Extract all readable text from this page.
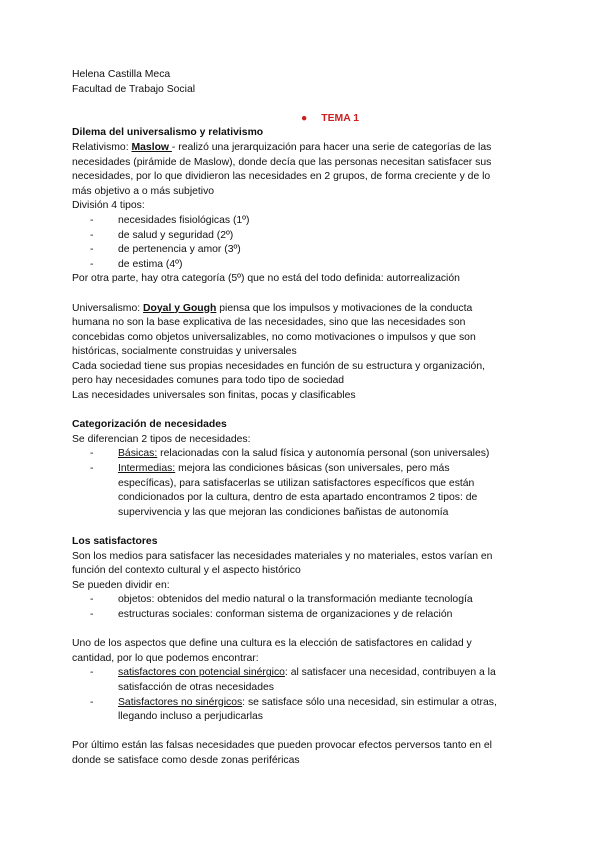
Helena Castilla Meca
Facultad de Trabajo Social
● TEMA 1
Dilema del universalismo y relativismo
Relativismo: Maslow - realizó una jerarquización para hacer una serie de categorías de las
necesidades (pirámide de Maslow), donde decía que las personas necesitan satisfacer sus
necesidades, por lo que dividieron las necesidades en 2 grupos, de forma creciente y de lo
más objetivo a o más subjetivo
División 4 tipos:
- necesidades fisiológicas (1º)
- de salud y seguridad (2º)
- de pertenencia y amor (3º)
- de estima (4º)
Por otra parte, hay otra categoría (5º) que no está del todo definida: autorrealización
Universalismo: Doyal y Gough piensa que los impulsos y motivaciones de la conducta
humana no son la base explicativa de las necesidades, sino que las necesidades son
concebidas como objetos universalizables, no como motivaciones o impulsos y que son
históricas, socialmente construidas y universales
Cada sociedad tiene sus propias necesidades en función de su estructura y organización,
pero hay necesidades comunes para todo tipo de sociedad
Las necesidades universales son finitas, pocas y clasificables
Categorización de necesidades
Se diferencian 2 tipos de necesidades:
- Básicas: relacionadas con la salud física y autonomía personal (son universales)
- Intermedias: mejora las condiciones básicas (son universales, pero más
específicas), para satisfacerlas se utilizan satisfactores específicos que están
condicionados por la cultura, dentro de esta apartado encontramos 2 tipos: de
supervivencia y las que mejoran las condiciones bañistas de autonomía
Los satisfactores
Son los medios para satisfacer las necesidades materiales y no materiales, estos varían en
función del contexto cultural y el aspecto histórico
Se pueden dividir en:
- objetos: obtenidos del medio natural o la transformación mediante tecnología
- estructuras sociales: conforman sistema de organizaciones y de relación
Uno de los aspectos que define una cultura es la elección de satisfactores en calidad y
cantidad, por lo que podemos encontrar:
- satisfactores con potencial sinérgico: al satisfacer una necesidad, contribuyen a la
satisfacción de otras necesidades
- Satisfactores no sinérgicos: se satisface sólo una necesidad, sin estimular a otras,
llegando incluso a perjudicarlas
Por último están las falsas necesidades que pueden provocar efectos perversos tanto en el
donde se satisface como desde zonas periféricas
